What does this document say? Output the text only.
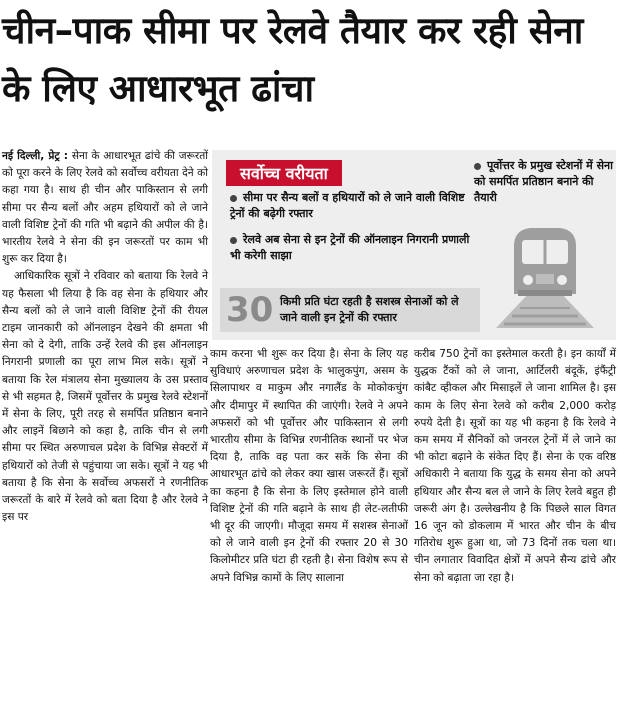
चीन–पाक सीमा पर रेलवे तैयार कर रही सेना के लिए आधारभूत ढांचा

नई दिल्ली, प्रेट्र : सेना के आधारभूत ढांचे की जरूरतों को पूरा करने के लिए रेलवे को सर्वोच्च वरीयता देने को कहा गया है। साथ ही चीन और पाकिस्तान से लगी सीमा पर सैन्य बलों और अहम हथियारों को ले जाने वाली विशिष्ट ट्रेनों की गति भी बढ़ाने की अपील की है। भारतीय रेलवे ने सेना की इन जरूरतों पर काम भी शुरू कर दिया है।

आधिकारिक सूत्रों ने रविवार को बताया कि रेलवे ने यह फैसला भी लिया है कि वह सेना के हथियार और सैन्य बलों को ले जाने वाली विशिष्ट ट्रेनों की रीयल टाइम जानकारी को ऑनलाइन देखने की क्षमता भी सेना को दे देगी, ताकि उन्हें रेलवे की इस ऑनलाइन निगरानी प्रणाली का पूरा लाभ मिल सके। सूत्रों ने बताया कि रेल मंत्रालय सेना मुख्यालय के उस प्रस्ताव से भी सहमत है, जिसमें पूर्वोत्तर के प्रमुख रेलवे स्टेशनों में सेना के लिए, पूरी तरह से समर्पित प्रतिष्ठान बनाने और लाइनें बिछाने को कहा है, ताकि चीन से लगी सीमा पर स्थित अरुणाचल प्रदेश के विभिन्न सेक्टरों में हथियारों को तेजी से पहुंचाया जा सके। सूत्रों ने यह भी बताया है कि सेना के सर्वोच्च अफसरों ने रणनीतिक जरूरतों के बारे में रेलवे को बता दिया है और रेलवे ने इस पर

सर्वोच्च वरीयता
सीमा पर सैन्य बलों व हथियारों को ले जाने वाली विशिष्ट ट्रेनों की बढ़ेगी रफ्तार
रेलवे अब सेना से इन ट्रेनों की ऑनलाइन निगरानी प्रणाली भी करेगी साझा
पूर्वोत्तर के प्रमुख स्टेशनों में सेना को समर्पित प्रतिष्ठान बनाने की तैयारी
30 किमी प्रति घंटा रहती है सशस्त्र सेनाओं को ले जाने वाली इन ट्रेनों की रफ्तार

काम करना भी शुरू कर दिया है। सेना के लिए यह सुविधाएं अरुणाचल प्रदेश के भालुकपुंग, असम के सिलापाथर व माकुम और नगालैंड के मोकोकचुंग और दीमापुर में स्थापित की जाएंगी। रेलवे ने अपने अफसरों को भी पूर्वोत्तर और पाकिस्तान से लगी भारतीय सीमा के विभिन्न रणनीतिक स्थानों पर भेज दिया है, ताकि वह पता कर सकें कि सेना की आधारभूत ढांचे को लेकर क्या खास जरूरतें हैं। सूत्रों का कहना है कि सेना के लिए इस्तेमाल होने वाली विशिष्ट ट्रेनों की गति बढ़ाने के साथ ही लेट-लतीफी भी दूर की जाएगी। मौजूदा समय में सशस्त्र सेनाओं को ले जाने वाली इन ट्रेनों की रफ्तार 20 से 30 किलोमीटर प्रति घंटा ही रहती है। सेना विशेष रूप से अपने विभिन्न कामों के लिए सालाना

करीब 750 ट्रेनों का इस्तेमाल करती है। इन कार्यों में युद्धक टैंकों को ले जाना, आर्टिलरी बंदूकें, इंफैंट्री कांबैट व्हीकल और मिसाइलें ले जाना शामिल है। इस काम के लिए सेना रेलवे को करीब 2,000 करोड़ रुपये देती है। सूत्रों का यह भी कहना है कि रेलवे ने कम समय में सैनिकों को जनरल ट्रेनों में ले जाने का भी कोटा बढ़ाने के संकेत दिए हैं। सेना के एक वरिष्ठ अधिकारी ने बताया कि युद्ध के समय सेना को अपने हथियार और सैन्य बल ले जाने के लिए रेलवे बहुत ही जरूरी अंग है। उल्लेखनीय है कि पिछले साल विगत 16 जून को डोकलाम में भारत और चीन के बीच गतिरोध शुरू हुआ था, जो 73 दिनों तक चला था। चीन लगातार विवादित क्षेत्रों में अपने सैन्य ढांचे और सेना को बढ़ाता जा रहा है।
